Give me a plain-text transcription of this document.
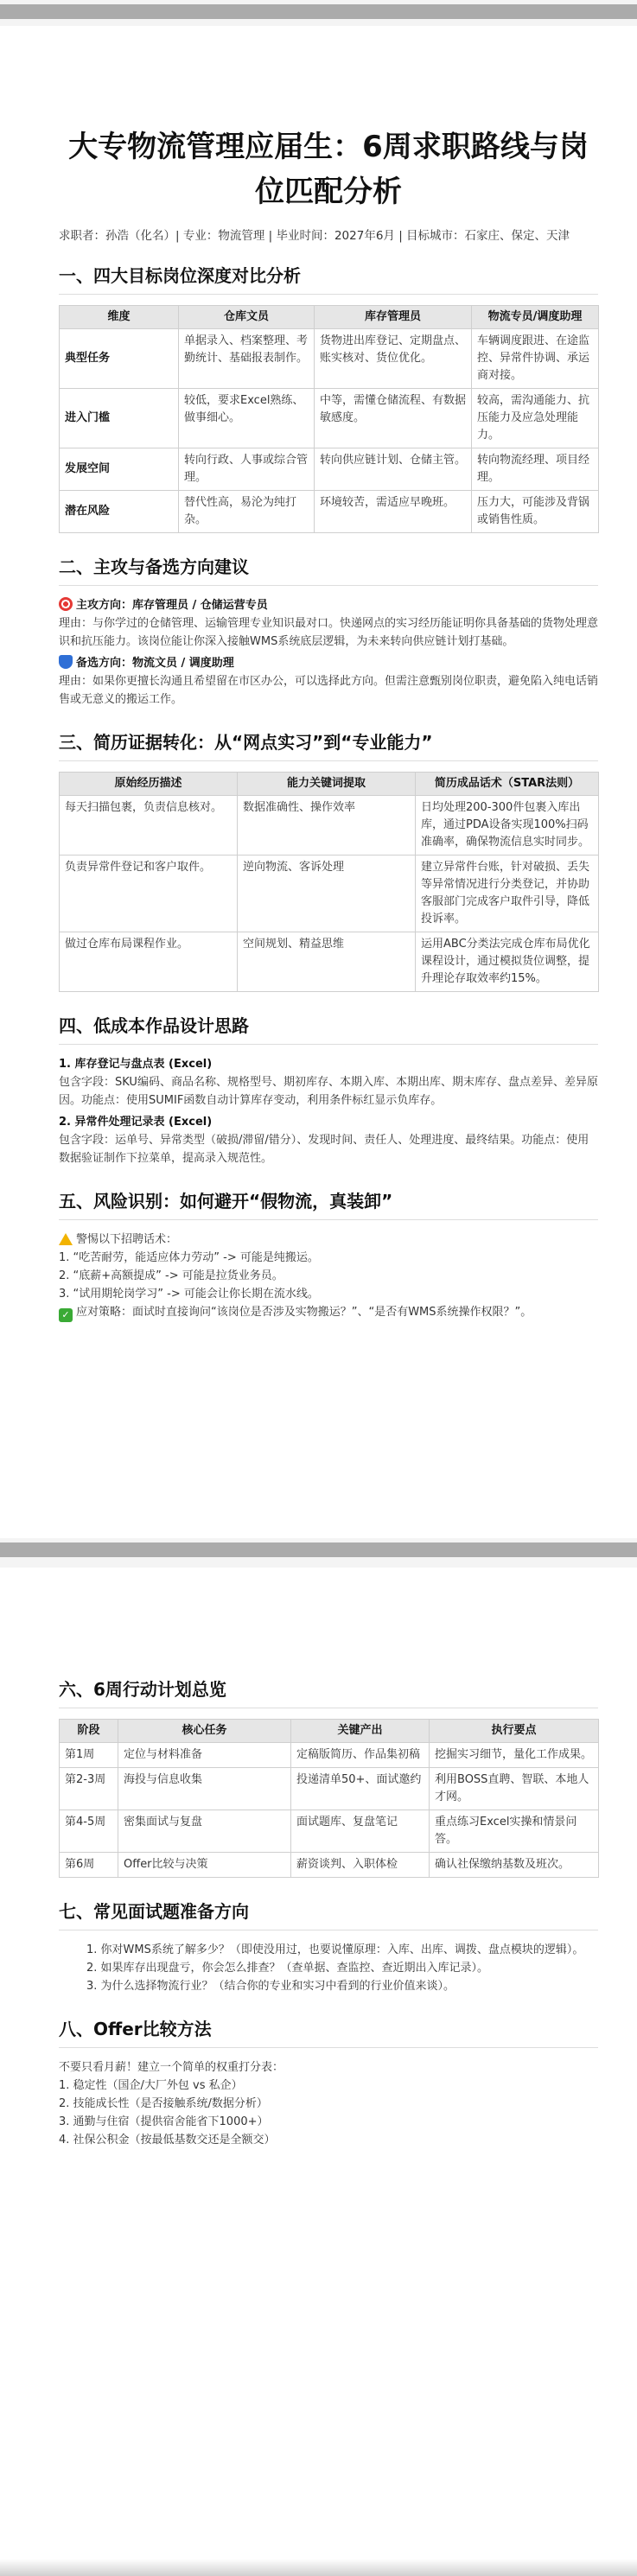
大专物流管理应届生：6周求职路线与岗位匹配分析
求职者：孙浩（化名）| 专业：物流管理 | 毕业时间：2027年6月 | 目标城市：石家庄、保定、天津
一、四大目标岗位深度对比分析
维度	仓库文员	库存管理员	物流专员/调度助理
典型任务	单据录入、档案整理、考勤统计、基础报表制作。	货物进出库登记、定期盘点、账实核对、货位优化。	车辆调度跟进、在途监控、异常件协调、承运商对接。
进入门槛	较低，要求Excel熟练、做事细心。	中等，需懂仓储流程、有数据敏感度。	较高，需沟通能力、抗压能力及应急处理能力。
发展空间	转向行政、人事或综合管理。	转向供应链计划、仓储主管。	转向物流经理、项目经理。
潜在风险	替代性高，易沦为纯打杂。	环境较苦，需适应早晚班。	压力大，可能涉及背锅或销售性质。
二、主攻与备选方向建议
主攻方向：库存管理员 / 仓储运营专员

理由：与你学过的仓储管理、运输管理专业知识最对口。快递网点的实习经历能证明你具备基础的货物处理意识和抗压能力。该岗位能让你深入接触WMS系统底层逻辑，为未来转向供应链计划打基础。

备选方向：物流文员 / 调度助理

理由：如果你更擅长沟通且希望留在市区办公，可以选择此方向。但需注意甄别岗位职责，避免陷入纯电话销售或无意义的搬运工作。

三、简历证据转化：从“网点实习”到“专业能力”
原始经历描述	能力关键词提取	简历成品话术（STAR法则）
每天扫描包裹，负责信息核对。	数据准确性、操作效率	日均处理200-300件包裹入库出库，通过PDA设备实现100%扫码准确率，确保物流信息实时同步。
负责异常件登记和客户取件。	逆向物流、客诉处理	建立异常件台账，针对破损、丢失等异常情况进行分类登记，并协助客服部门完成客户取件引导，降低投诉率。
做过仓库布局课程作业。	空间规划、精益思维	运用ABC分类法完成仓库布局优化课程设计，通过模拟货位调整，提升理论存取效率约15%。
四、低成本作品设计思路
1. 库存登记与盘点表 (Excel)

包含字段：SKU编码、商品名称、规格型号、期初库存、本期入库、本期出库、期末库存、盘点差异、差异原因。功能点：使用SUMIF函数自动计算库存变动，利用条件标红显示负库存。

2. 异常件处理记录表 (Excel)

包含字段：运单号、异常类型（破损/滞留/错分）、发现时间、责任人、处理进度、最终结果。功能点：使用数据验证制作下拉菜单，提高录入规范性。

五、风险识别：如何避开“假物流，真装卸”
警惕以下招聘话术：
1. “吃苦耐劳，能适应体力劳动” -> 可能是纯搬运。
2. “底薪+高额提成” -> 可能是拉货业务员。
3. “试用期轮岗学习” -> 可能会让你长期在流水线。
✓ 应对策略：面试时直接询问“该岗位是否涉及实物搬运？”、“是否有WMS系统操作权限？”。
六、6周行动计划总览
阶段	核心任务	关键产出	执行要点
第1周	定位与材料准备	定稿版简历、作品集初稿	挖掘实习细节，量化工作成果。
第2-3周	海投与信息收集	投递清单50+、面试邀约	利用BOSS直聘、智联、本地人才网。
第4-5周	密集面试与复盘	面试题库、复盘笔记	重点练习Excel实操和情景问答。
第6周	Offer比较与决策	薪资谈判、入职体检	确认社保缴纳基数及班次。
七、常见面试题准备方向
1. 你对WMS系统了解多少？（即使没用过，也要说懂原理：入库、出库、调拨、盘点模块的逻辑）。
2. 如果库存出现盘亏，你会怎么排查？（查单据、查监控、查近期出入库记录）。
3. 为什么选择物流行业？（结合你的专业和实习中看到的行业价值来谈）。
八、Offer比较方法

不要只看月薪！建立一个简单的权重打分表：

1. 稳定性（国企/大厂外包 vs 私企）
2. 技能成长性（是否接触系统/数据分析）
3. 通勤与住宿（提供宿舍能省下1000+）
4. 社保公积金（按最低基数交还是全额交）
